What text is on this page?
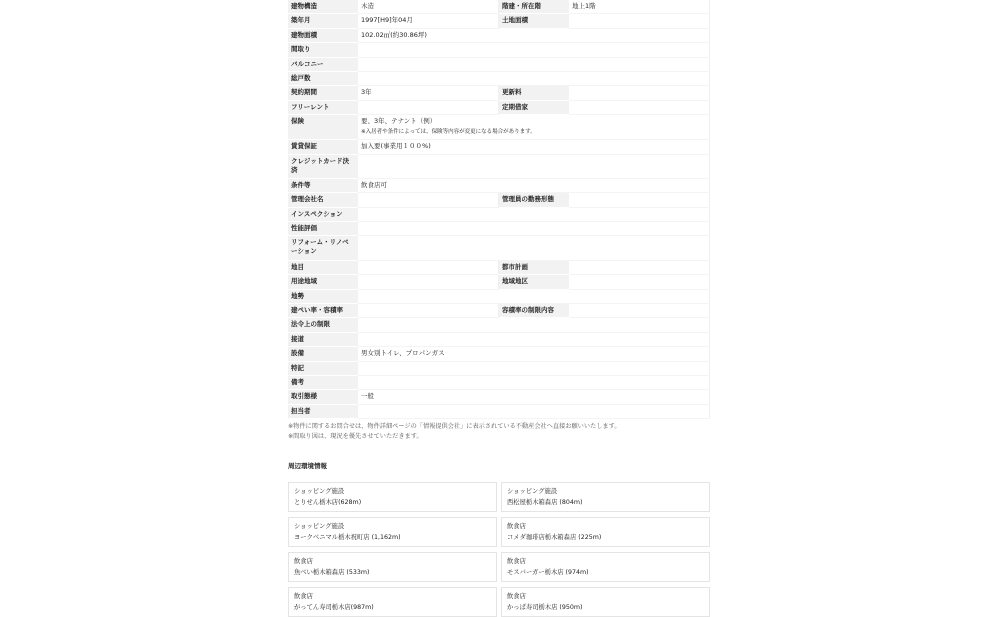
建物構造	木造	階建・所在階	地上1階
築年月	1997[H9]年04月	土地面積	
建物面積	102.02㎡(約30.86坪)		
間取り			
バルコニー			
総戸数			
契約期間	3年	更新料	
フリーレント		定期借家	
保険	要、3年、テナント（例）
※入居者や条件によっては、保険等内容が変更になる場合があります。		

賃貸保証	加入要(事業用１００%)		
クレジットカード決済			
条件等	飲食店可		
管理会社名		管理員の勤務形態	
インスペクション			
性能評価			
リフォーム・リノベーション			
地目		都市計画	
用途地域		地域地区	
地勢			
建ぺい率・容積率		容積率の制限内容	
法令上の制限			
接道			
設備	男女別トイレ、プロパンガス		
特記			
備考			
取引態様	一般		
担当者			
※物件に関するお問合せは、物件詳細ページの「情報提供会社」に表示されている不動産会社へ直接お願いいたします。
※間取り図は、現況を優先させていただきます。
周辺環境情報
ショッピング施設
とりせん栃木店(628m)
ショッピング施設
西松屋栃木箱森店 (804m)
ショッピング施設
ヨークベニマル栃木祝町店 (1,162m)
飲食店
コメダ珈琲店栃木箱森店 (225m)
飲食店
魚べい栃木箱森店 (533m)
飲食店
モスバーガー栃木店 (974m)
飲食店
がってん寿司栃木店(987m)
飲食店
かっぱ寿司栃木店 (950m)
